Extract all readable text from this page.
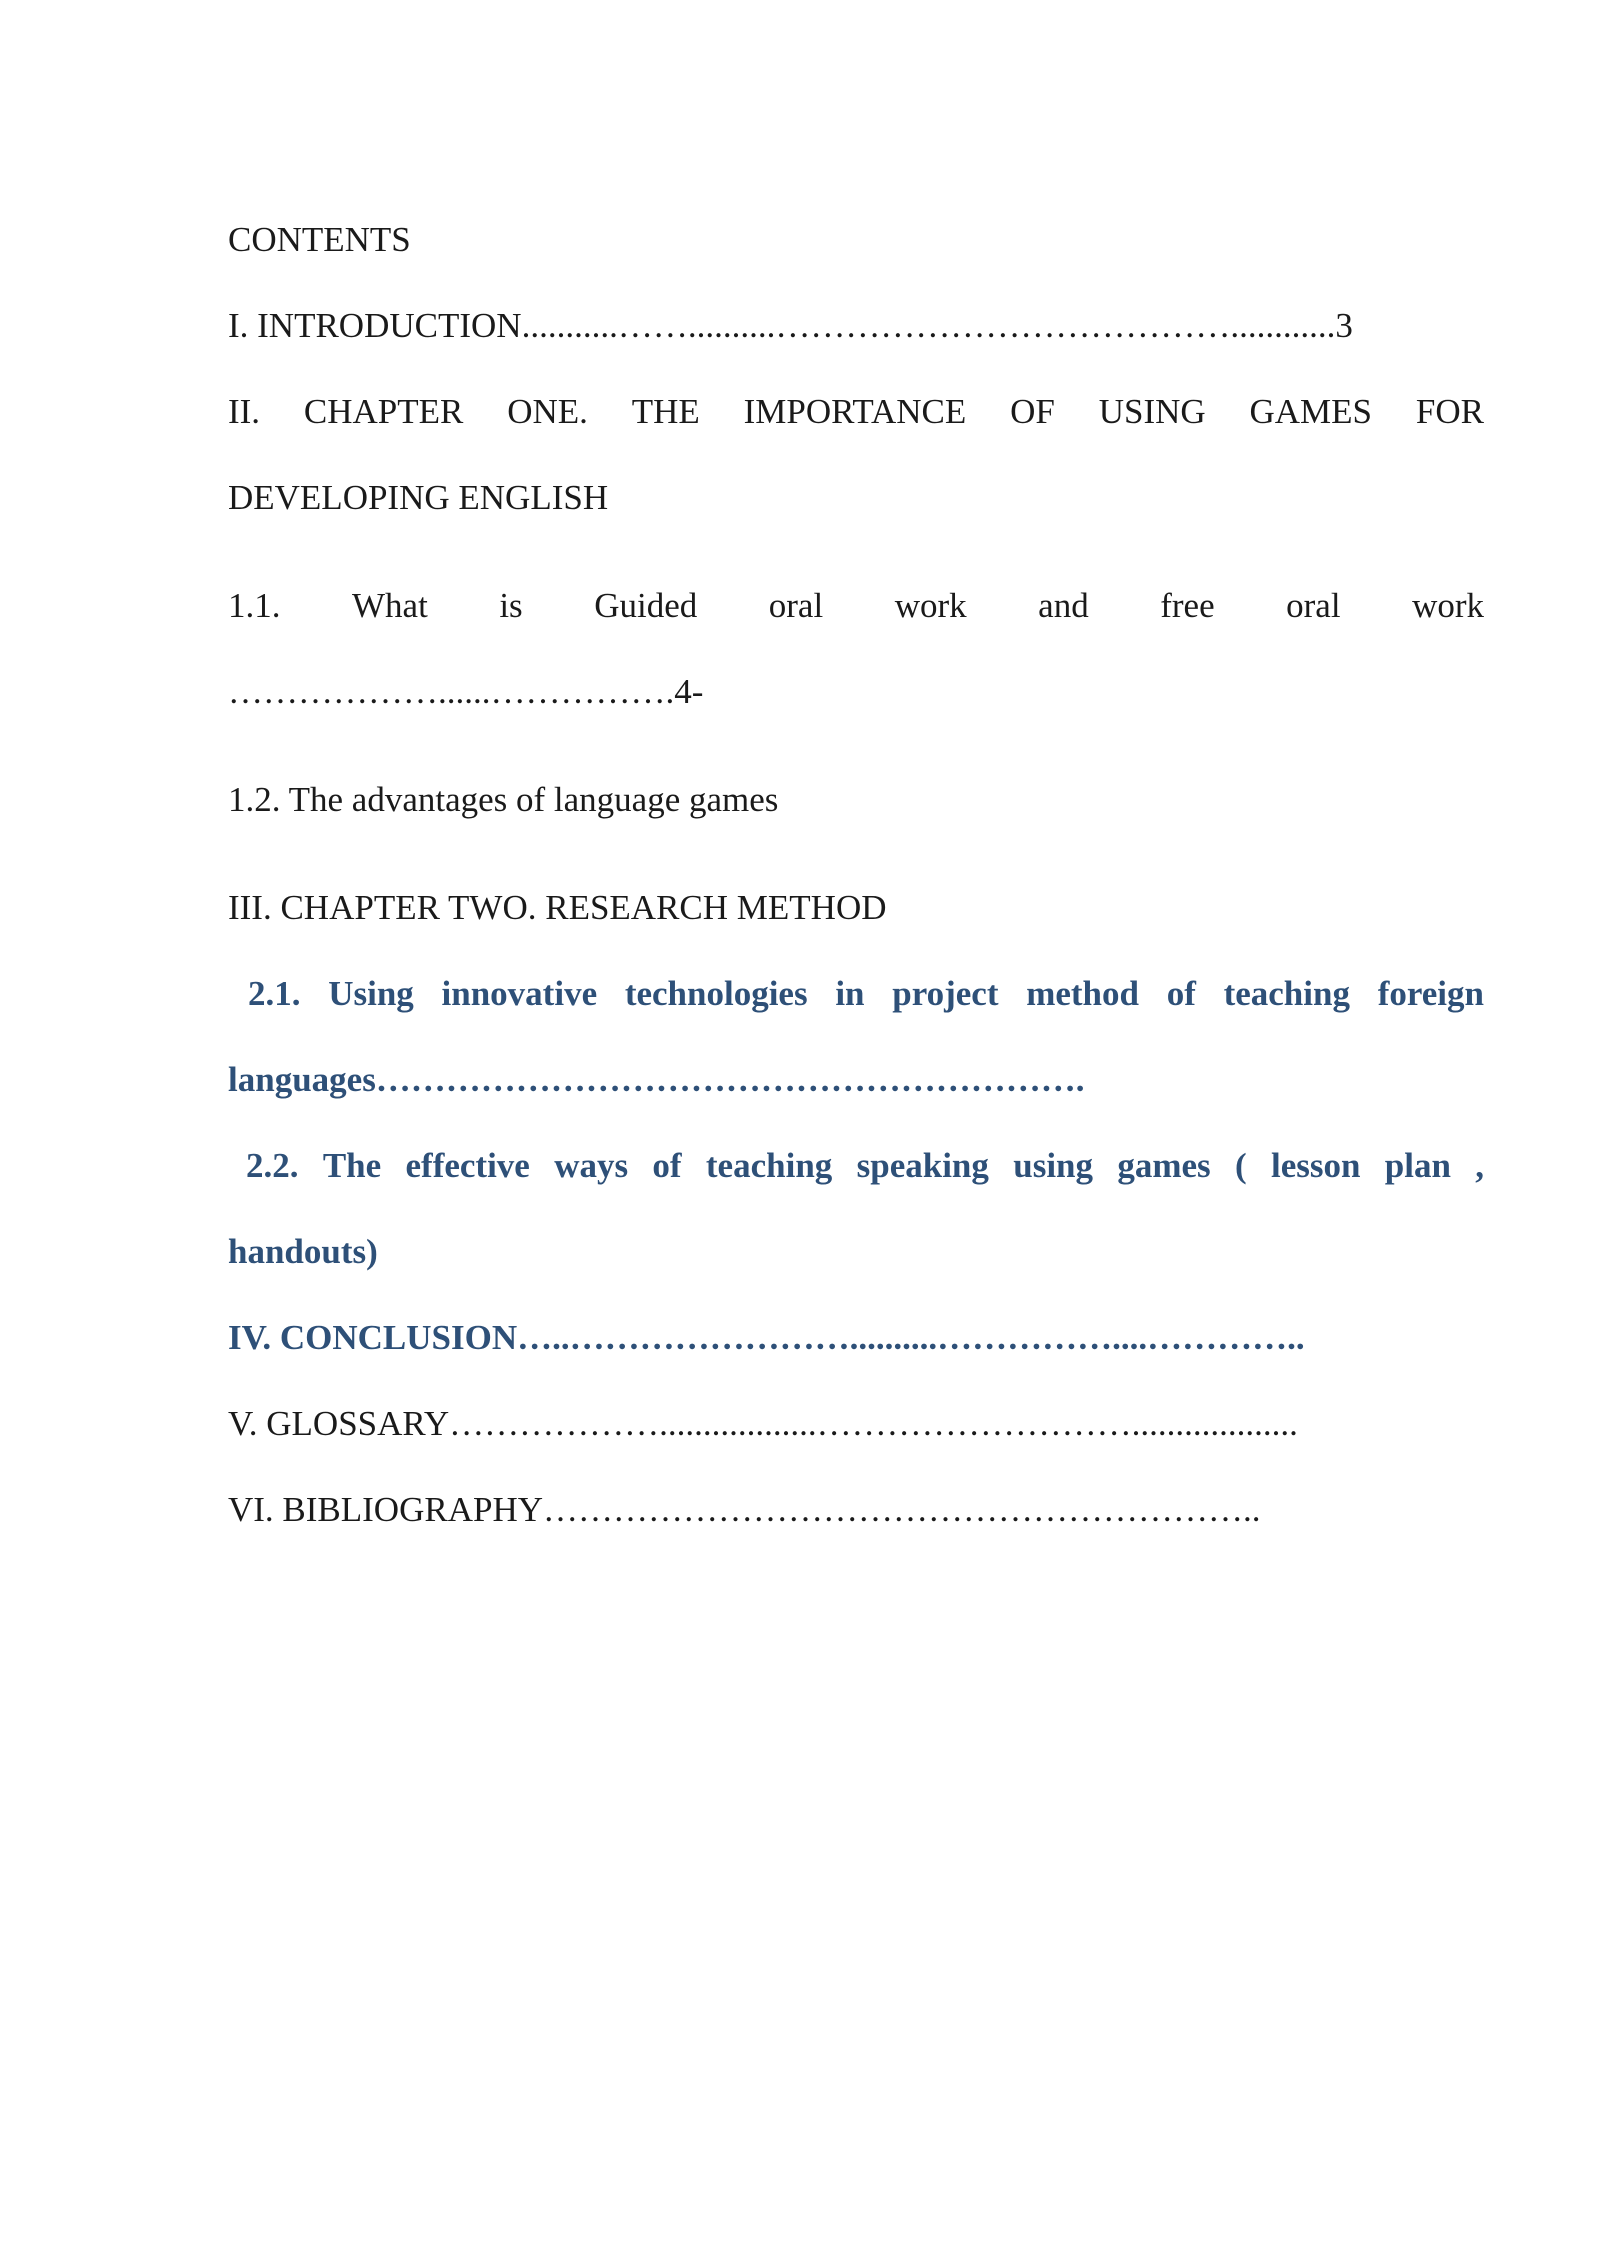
CONTENTS
I. INTRODUCTION...........……..........…………………………………............3
II. CHAPTER ONE. THE IMPORTANCE OF USING GAMES FOR
DEVELOPING ENGLISH
1.1. What is Guided oral work and free oral work
………………......…………….4-
1.2. The advantages of language games
III. CHAPTER TWO. RESEARCH METHOD
2.1. Using innovative technologies in project method of teaching foreign
languages…………………………………………………….
2.2. The effective ways of teaching speaking using games ( lesson plan ,
handouts)
IV. CONCLUSION…..……………………..........……………....…………..
V. GLOSSARY………………..................………………………...................
VI. BIBLIOGRAPHY……………………………………………………..
